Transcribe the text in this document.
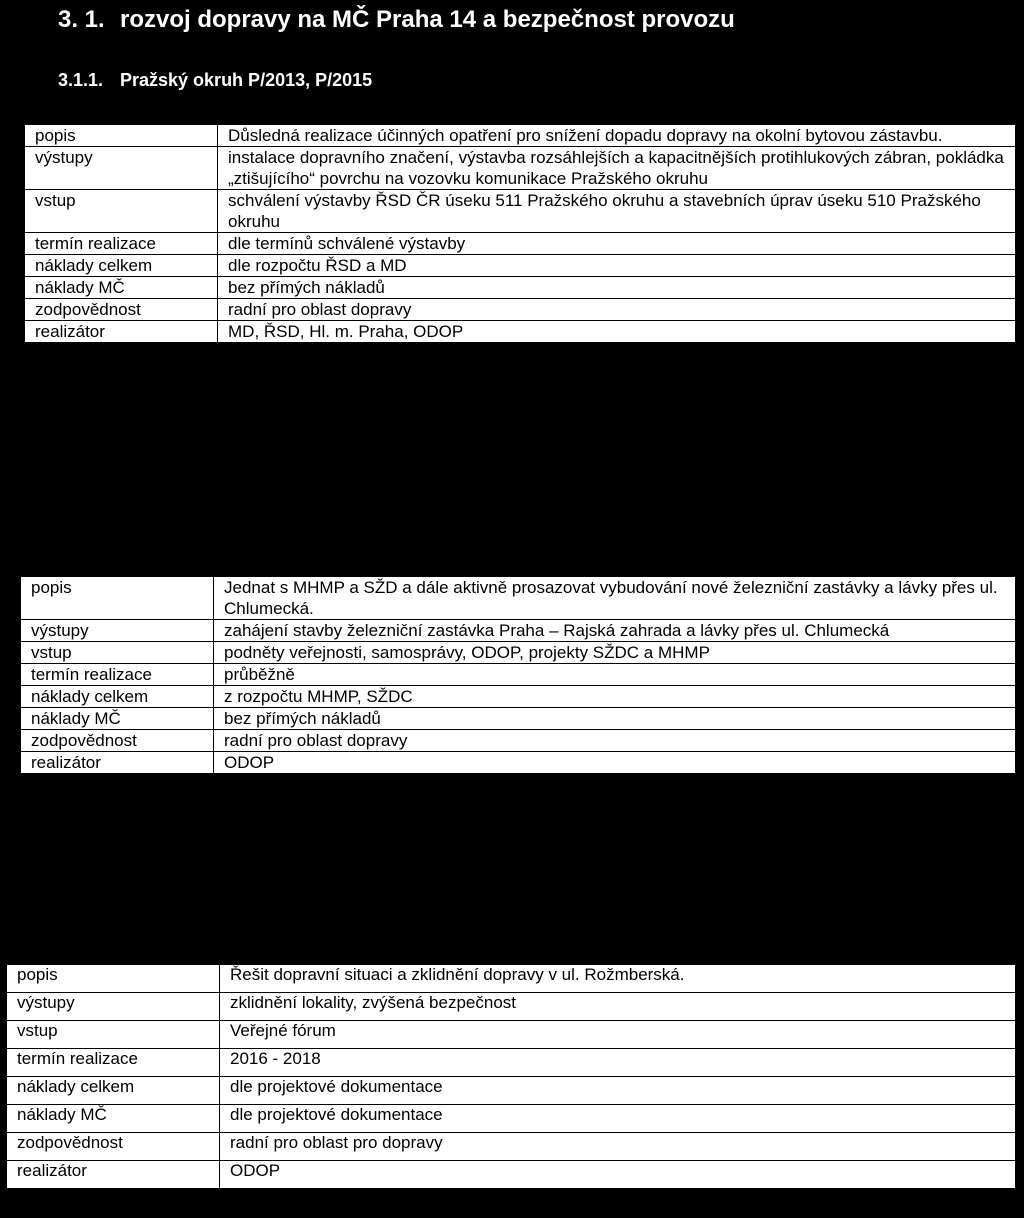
3. 1. rozvoj dopravy na MČ Praha 14 a bezpečnost provozu
3.1.1. Pražský okruh P/2013, P/2015
popis	Důsledná realizace účinných opatření pro snížení dopadu dopravy na okolní bytovou zástavbu.
výstupy	instalace dopravního značení, výstavba rozsáhlejších a kapacitnějších protihlukových zábran, pokládka „ztišujícího“ povrchu na vozovku komunikace Pražského okruhu
vstup	schválení výstavby ŘSD ČR úseku 511 Pražského okruhu a stavebních úprav úseku 510 Pražského okruhu
termín realizace	dle termínů schválené výstavby
náklady celkem	dle rozpočtu ŘSD a MD
náklady MČ	bez přímých nákladů
zodpovědnost	radní pro oblast dopravy
realizátor	MD, ŘSD, Hl. m. Praha, ODOP
popis	Jednat s MHMP a SŽD a dále aktivně prosazovat vybudování nové železniční zastávky a lávky přes ul. Chlumecká.
výstupy	zahájení stavby železniční zastávka Praha – Rajská zahrada a lávky přes ul. Chlumecká
vstup	podněty veřejnosti, samosprávy, ODOP, projekty SŽDC a MHMP
termín realizace	průběžně
náklady celkem	z rozpočtu MHMP, SŽDC
náklady MČ	bez přímých nákladů
zodpovědnost	radní pro oblast dopravy
realizátor	ODOP
popis	Řešit dopravní situaci a zklidnění dopravy v ul. Rožmberská.
výstupy	zklidnění lokality, zvýšená bezpečnost
vstup	Veřejné fórum
termín realizace	2016 - 2018
náklady celkem	dle projektové dokumentace
náklady MČ	dle projektové dokumentace
zodpovědnost	radní pro oblast pro dopravy
realizátor	ODOP
